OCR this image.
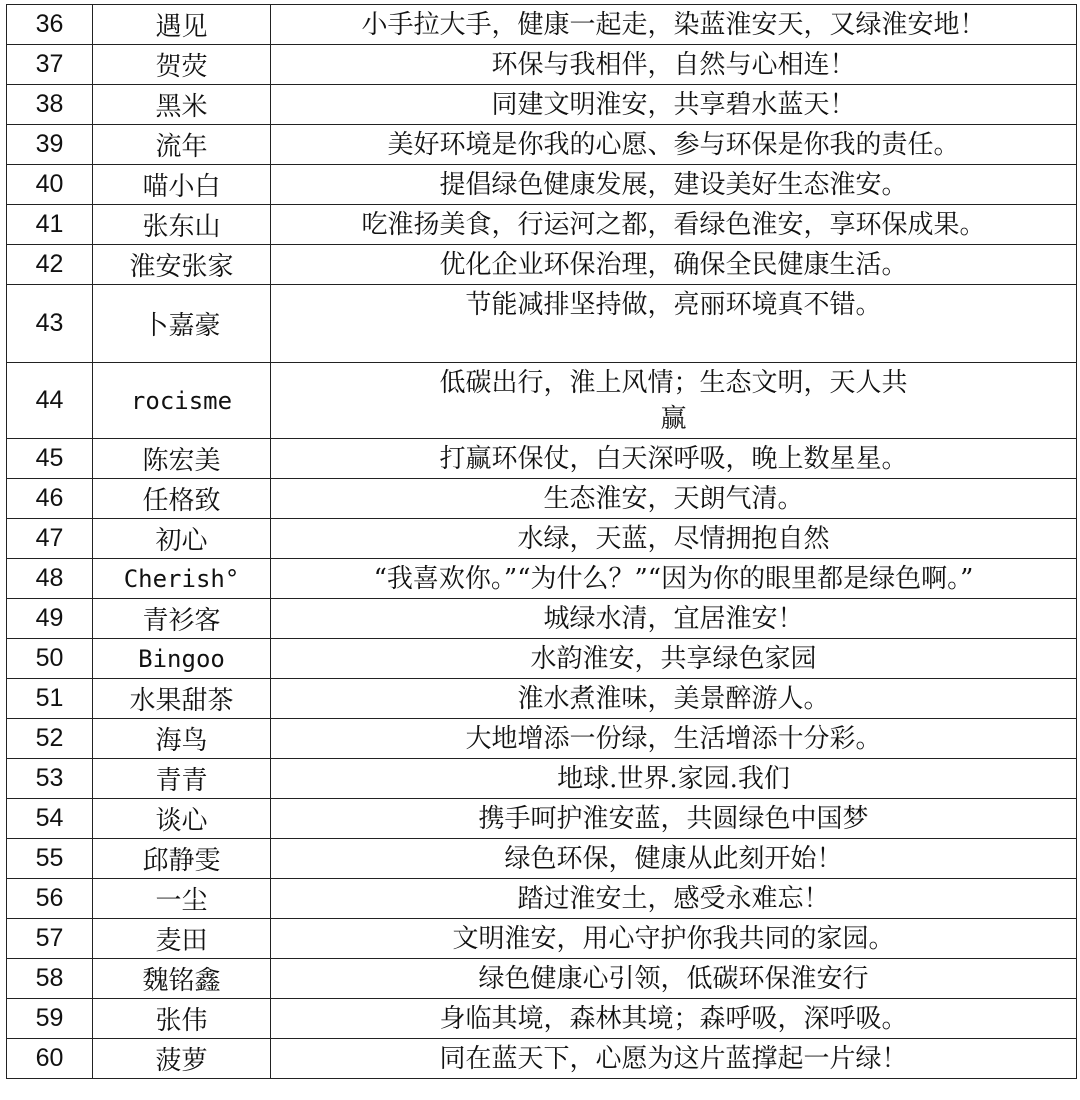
36	遇见	小手拉大手，健康一起走，染蓝淮安天，又绿淮安地！
37	贺荧	环保与我相伴，自然与心相连！
38	黑米	同建文明淮安，共享碧水蓝天！
39	流年	美好环境是你我的心愿、参与环保是你我的责任。
40	喵小白	提倡绿色健康发展，建设美好生态淮安。
41	张东山	吃淮扬美食，行运河之都，看绿色淮安，享环保成果。
42	淮安张家	优化企业环保治理，确保全民健康生活。
43	卜嘉豪	节能减排坚持做，亮丽环境真不错。
44	rocisme	低碳出行，淮上风情；生态文明，天人共赢
45	陈宏美	打赢环保仗，白天深呼吸，晚上数星星。
46	任格致	生态淮安，天朗气清。
47	初心	水绿，天蓝，尽情拥抱自然
48	Cherish°	“我喜欢你。”“为什么？”“因为你的眼里都是绿色啊。”
49	青衫客	城绿水清，宜居淮安！
50	Bingoo	水韵淮安，共享绿色家园
51	水果甜茶	淮水煮淮味，美景醉游人。
52	海鸟	大地增添一份绿，生活增添十分彩。
53	青青	地球.世界.家园.我们
54	谈心	携手呵护淮安蓝，共圆绿色中国梦
55	邱静雯	绿色环保，健康从此刻开始！
56	一尘	踏过淮安土，感受永难忘！
57	麦田	文明淮安，用心守护你我共同的家园。
58	魏铭鑫	绿色健康心引领，低碳环保淮安行
59	张伟	身临其境，森林其境；森呼吸，深呼吸。
60	菠萝	同在蓝天下，心愿为这片蓝撑起一片绿！
